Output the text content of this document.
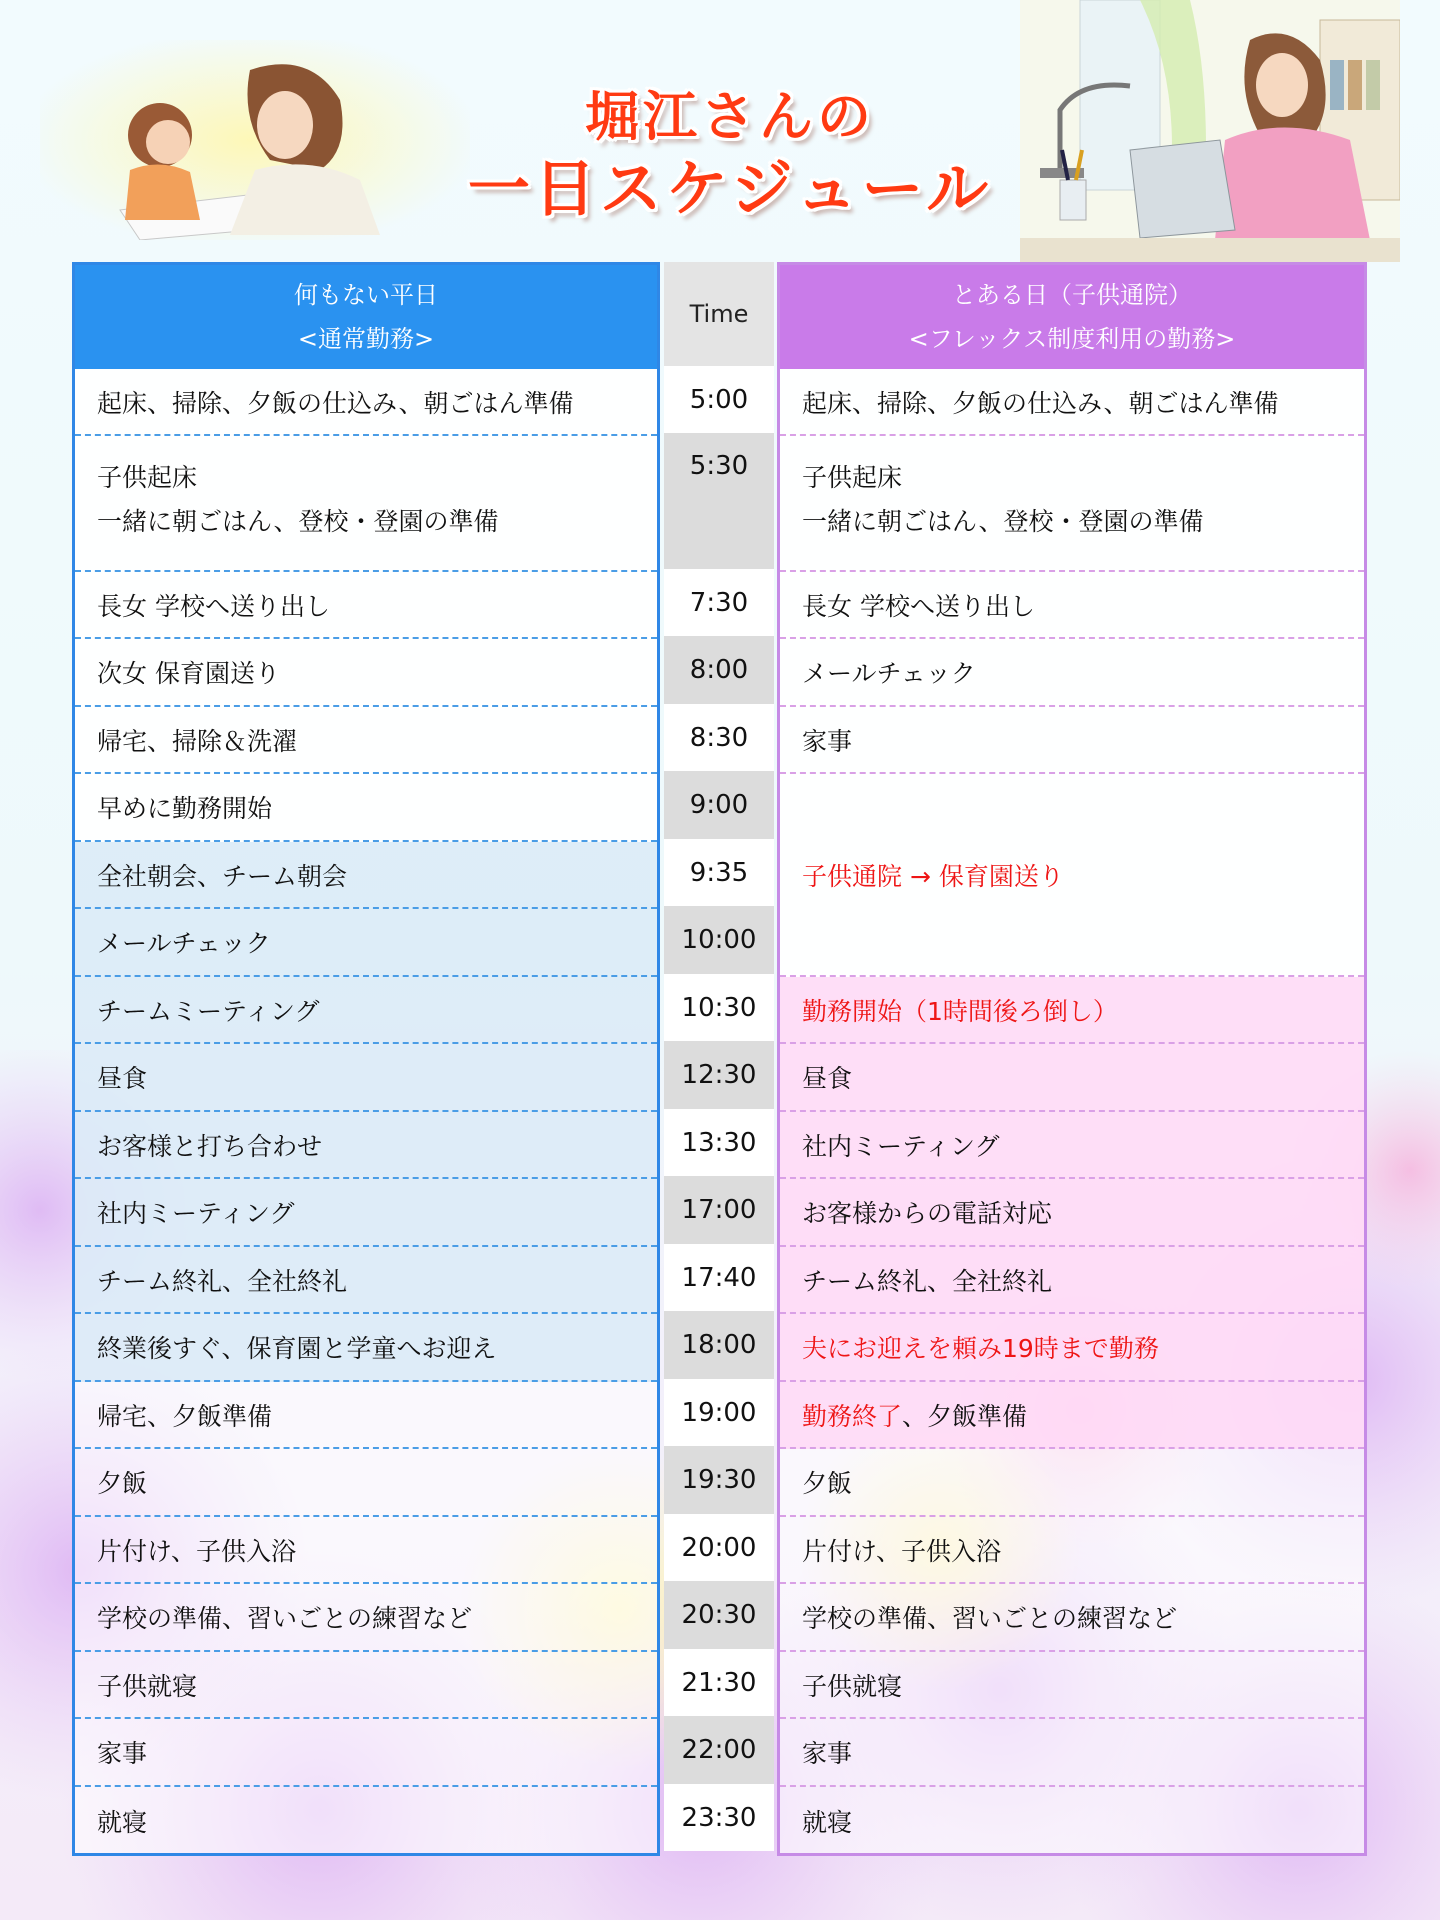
堀江さんの
一日スケジュール
何もない平日
<通常勤務>
起床、掃除、夕飯の仕込み、朝ごはん準備
子供起床
一緒に朝ごはん、登校・登園の準備
長女 学校へ送り出し
次女 保育園送り
帰宅、掃除＆洗濯
早めに勤務開始
全社朝会、チーム朝会
メールチェック
チームミーティング
昼食
お客様と打ち合わせ
社内ミーティング
チーム終礼、全社終礼
終業後すぐ、保育園と学童へお迎え
帰宅、夕飯準備
夕飯
片付け、子供入浴
学校の準備、習いごとの練習など
子供就寝
家事
就寝
Time
5:00
5:30
7:30
8:00
8:30
9:00
9:35
10:00
10:30
12:30
13:30
17:00
17:40
18:00
19:00
19:30
20:00
20:30
21:30
22:00
23:30
とある日（子供通院）
<フレックス制度利用の勤務>
起床、掃除、夕飯の仕込み、朝ごはん準備
子供起床
一緒に朝ごはん、登校・登園の準備
長女 学校へ送り出し
メールチェック
家事
子供通院 → 保育園送り
勤務開始（1時間後ろ倒し）
昼食
社内ミーティング
お客様からの電話対応
チーム終礼、全社終礼
夫にお迎えを頼み19時まで勤務
勤務終了 、夕飯準備
夕飯
片付け、子供入浴
学校の準備、習いごとの練習など
子供就寝
家事
就寝
